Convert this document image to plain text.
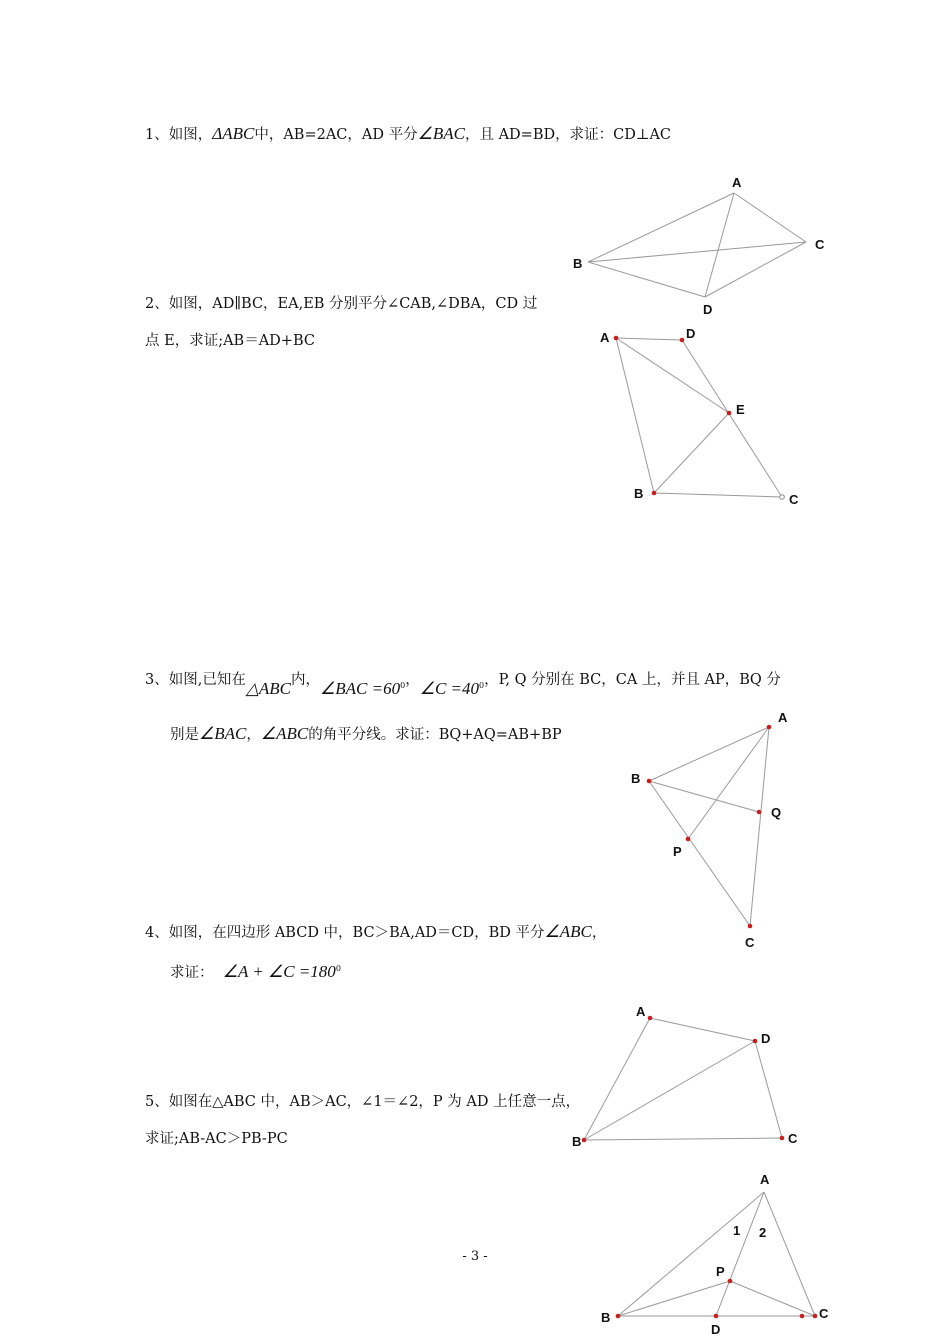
1、如图，ΔABC中，AB=2AC，AD 平分∠BAC，且 AD=BD，求证：CD⊥AC
2、如图，AD∥BC，EA,EB 分别平分∠CAB,∠DBA，CD 过
点 E，求证;AB＝AD+BC
3、如图,已知在△ABC内，∠BAC $=60^0$，∠C $=40^0$，P, Q 分别在 BC，CA 上，并且 AP，BQ 分
别是∠BAC，∠ABC的角平分线。求证：BQ+AQ=AB+BP
4、如图，在四边形 ABCD 中，BC＞BA,AD＝CD，BD 平分∠ABC，
求证： ∠A + ∠C $=180^0$
5、如图在△ABC 中，AB＞AC，∠1＝∠2，P 为 AD 上任意一点，
求证;AB-AC＞PB-PC
A
B
C
D
A	D
E
B	C
A
B
Q
P
C
A
D
B	C
A
1 2
P
B
D
C
- 3 -
